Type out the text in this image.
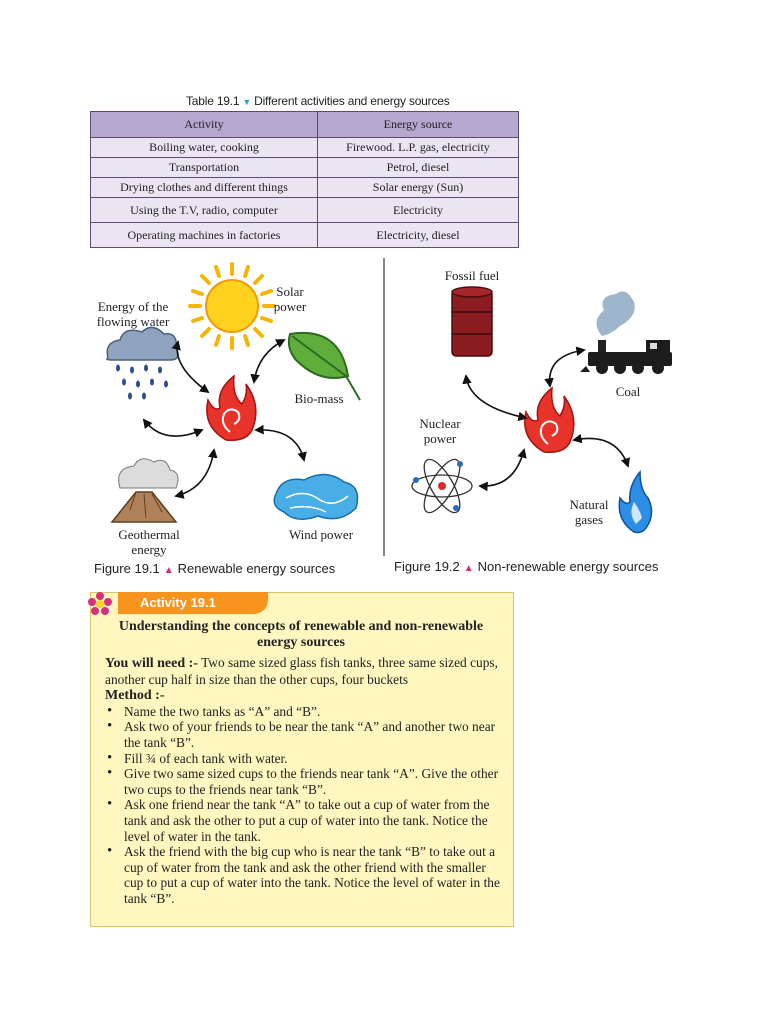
Table 19.1 ▼ Different activities and energy sources
Activity	Energy source
Boiling water, cooking	Firewood. L.P. gas, electricity
Transportation	Petrol, diesel
Drying clothes and different things	Solar energy (Sun)
Using the T.V, radio, computer	Electricity
Operating machines in factories	Electricity, diesel
Energy of the flowing water
Solar power
Bio-mass
Geothermal energy
Wind power
Figure 19.1 ▲ Renewable energy sources
Fossil fuel
Coal
Nuclear power
Natural gases
Figure 19.2 ▲ Non-renewable energy sources
Activity 19.1
Understanding the concepts of renewable and non-renewable energy sources

You will need :- Two same sized glass fish tanks, three same sized cups, another cup half in size than the other cups, four buckets

Method :-

• Name the two tanks as “A” and “B”.
• Ask two of your friends to be near the tank “A” and another two near the tank “B”.
• Fill ¾ of each tank with water.
• Give two same sized cups to the friends near tank “A”. Give the other two cups to the friends near tank “B”.
• Ask one friend near the tank “A” to take out a cup of water from the tank and ask the other to put a cup of water into the tank. Notice the level of water in the tank.
• Ask the friend with the big cup who is near the tank “B” to take out a cup of water from the tank and ask the other friend with the smaller cup to put a cup of water into the tank. Notice the level of water in the tank “B”.
